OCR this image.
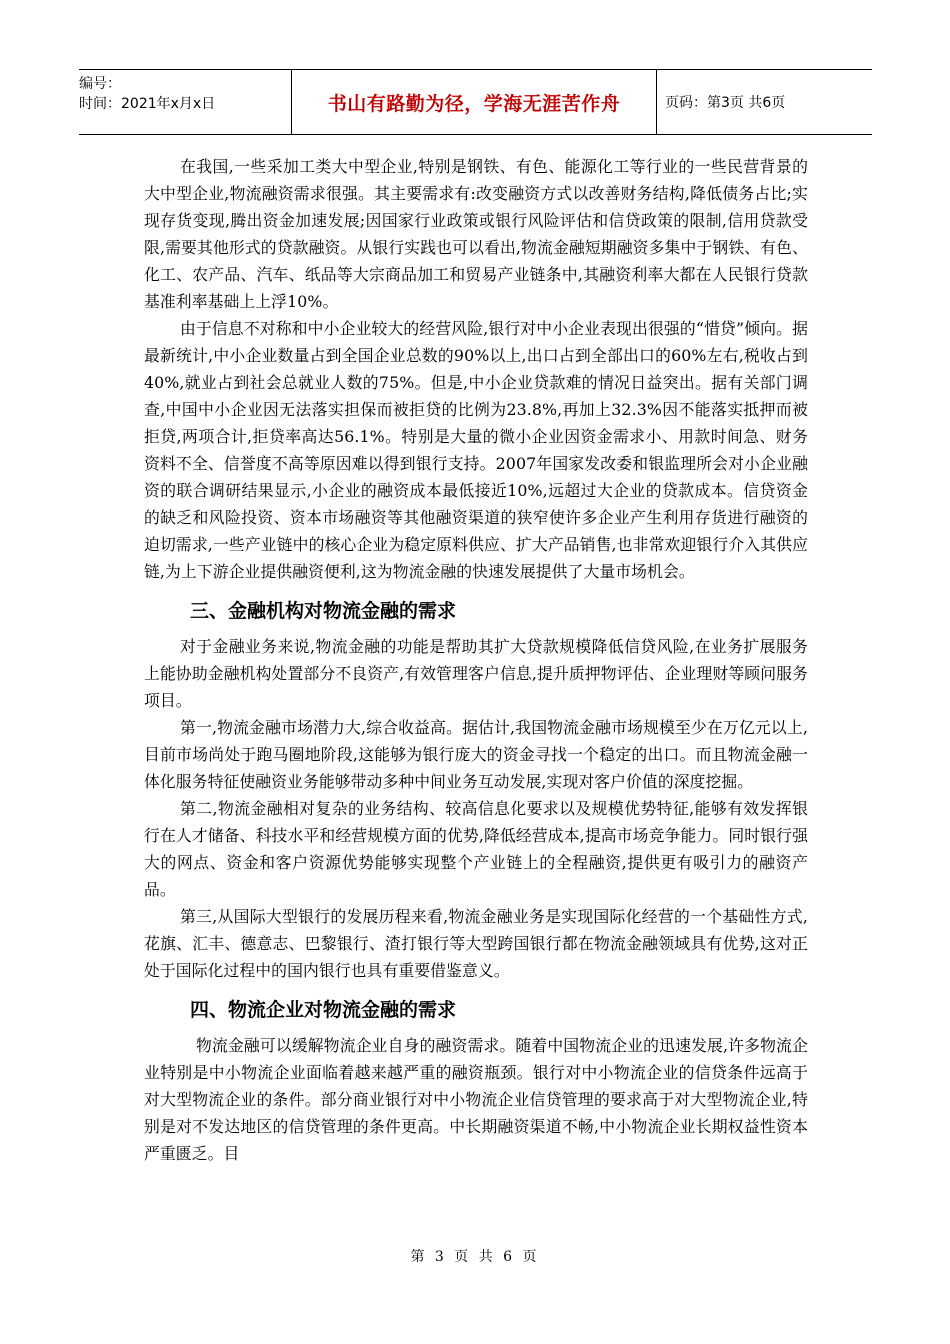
编号：
时间：2021年x月x日	书山有路勤为径，学海无涯苦作舟	页码：第3页 共6页

在我国,一些采加工类大中型企业,特别是钢铁、有色、能源化工等行业的一些民营背景的大中型企业,物流融资需求很强。其主要需求有:改变融资方式以改善财务结构,降低债务占比;实现存货变现,腾出资金加速发展;因国家行业政策或银行风险评估和信贷政策的限制,信用贷款受限,需要其他形式的贷款融资。从银行实践也可以看出,物流金融短期融资多集中于钢铁、有色、化工、农产品、汽车、纸品等大宗商品加工和贸易产业链条中,其融资利率大都在人民银行贷款基准利率基础上上浮10%。

由于信息不对称和中小企业较大的经营风险,银行对中小企业表现出很强的“惜贷”倾向。据最新统计,中小企业数量占到全国企业总数的90%以上,出口占到全部出口的60%左右,税收占到40%,就业占到社会总就业人数的75%。但是,中小企业贷款难的情况日益突出。据有关部门调查,中国中小企业因无法落实担保而被拒贷的比例为23.8%,再加上32.3%因不能落实抵押而被拒贷,两项合计,拒贷率高达56.1%。特别是大量的微小企业因资金需求小、用款时间急、财务资料不全、信誉度不高等原因难以得到银行支持。2007年国家发改委和银监理所会对小企业融资的联合调研结果显示,小企业的融资成本最低接近10%,远超过大企业的贷款成本。信贷资金的缺乏和风险投资、资本市场融资等其他融资渠道的狭窄使许多企业产生利用存货进行融资的迫切需求,一些产业链中的核心企业为稳定原料供应、扩大产品销售,也非常欢迎银行介入其供应链,为上下游企业提供融资便利,这为物流金融的快速发展提供了大量市场机会。

三、金融机构对物流金融的需求

对于金融业务来说,物流金融的功能是帮助其扩大贷款规模降低信贷风险,在业务扩展服务上能协助金融机构处置部分不良资产,有效管理客户信息,提升质押物评估、企业理财等顾问服务项目。

第一,物流金融市场潜力大,综合收益高。据估计,我国物流金融市场规模至少在万亿元以上,目前市场尚处于跑马圈地阶段,这能够为银行庞大的资金寻找一个稳定的出口。而且物流金融一体化服务特征使融资业务能够带动多种中间业务互动发展,实现对客户价值的深度挖掘。

第二,物流金融相对复杂的业务结构、较高信息化要求以及规模优势特征,能够有效发挥银行在人才储备、科技水平和经营规模方面的优势,降低经营成本,提高市场竞争能力。同时银行强大的网点、资金和客户资源优势能够实现整个产业链上的全程融资,提供更有吸引力的融资产品。

第三,从国际大型银行的发展历程来看,物流金融业务是实现国际化经营的一个基础性方式,花旗、汇丰、德意志、巴黎银行、渣打银行等大型跨国银行都在物流金融领域具有优势,这对正处于国际化过程中的国内银行也具有重要借鉴意义。

四、物流企业对物流金融的需求

物流金融可以缓解物流企业自身的融资需求。随着中国物流企业的迅速发展,许多物流企业特别是中小物流企业面临着越来越严重的融资瓶颈。银行对中小物流企业的信贷条件远高于对大型物流企业的条件。部分商业银行对中小物流企业信贷管理的要求高于对大型物流企业,特别是对不发达地区的信贷管理的条件更高。中长期融资渠道不畅,中小物流企业长期权益性资本严重匮乏。目

第 3 页 共 6 页
